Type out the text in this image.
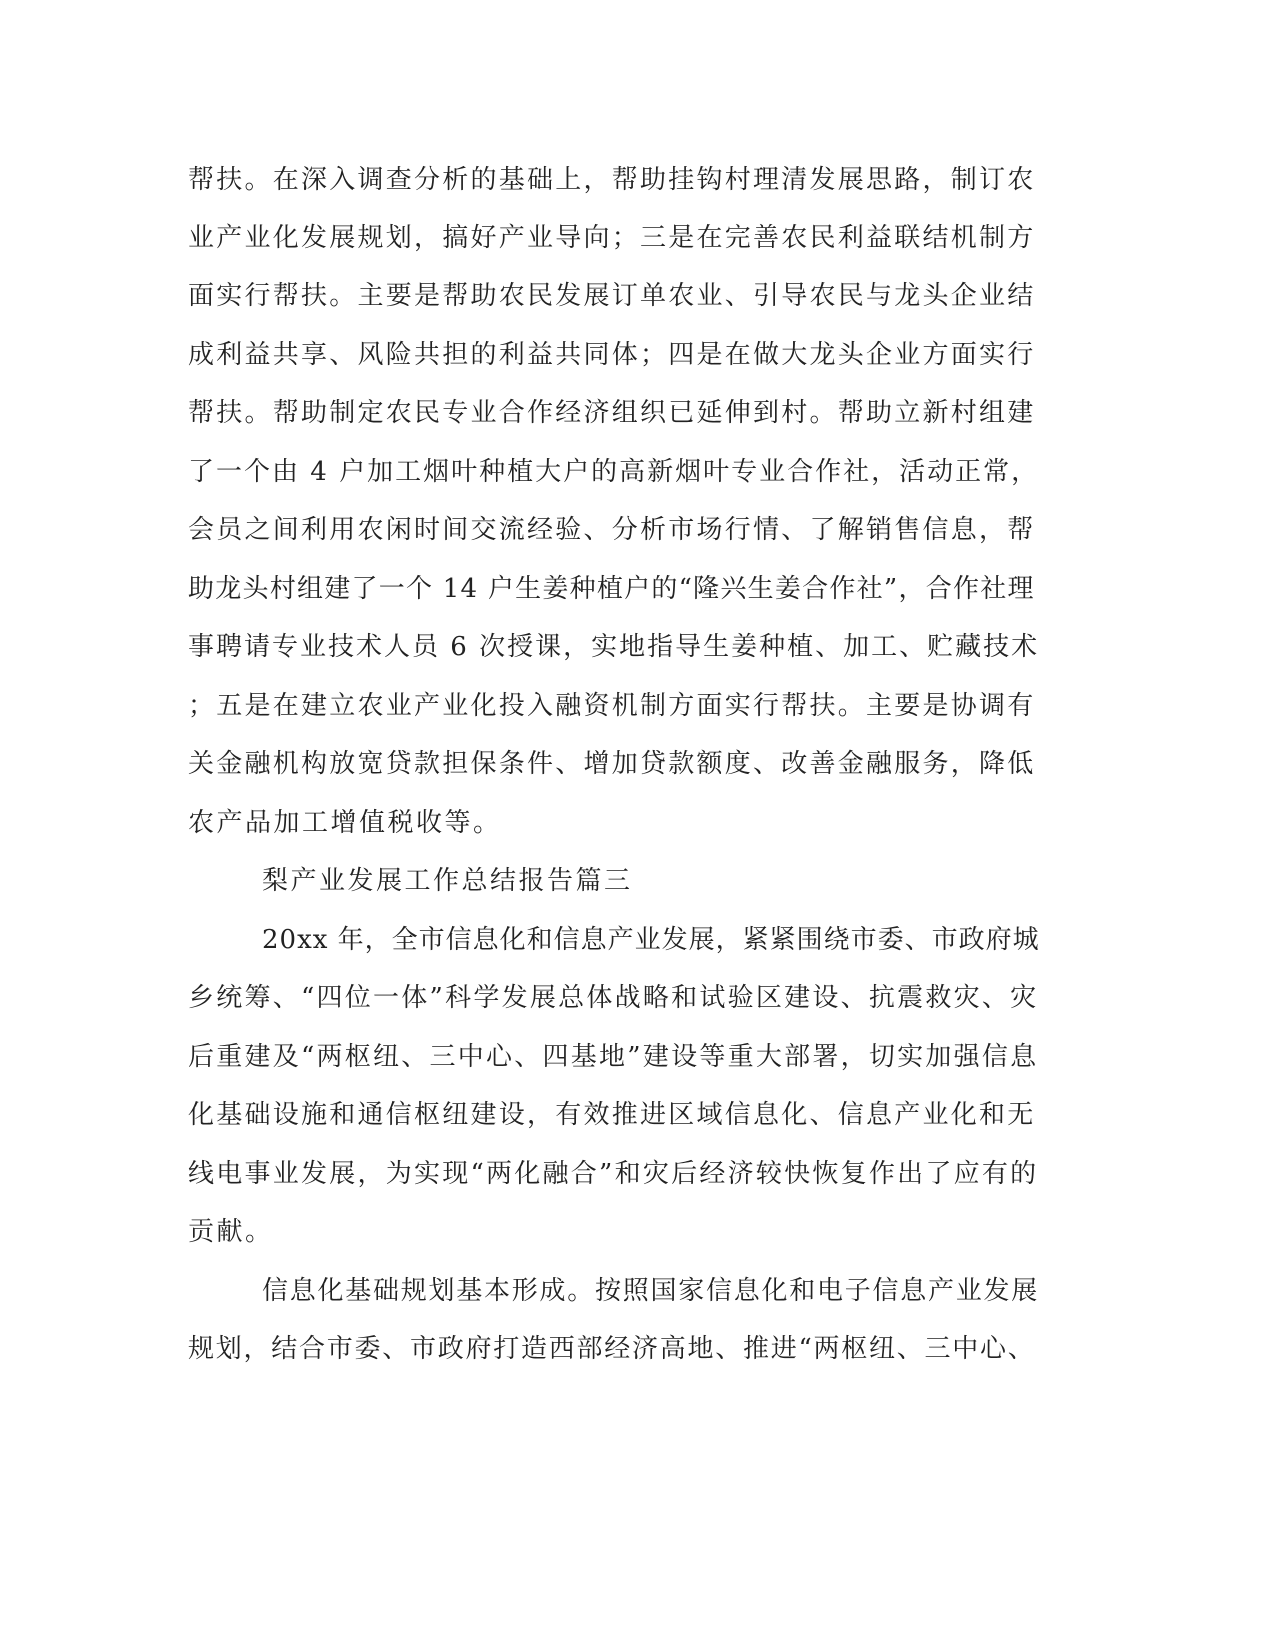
帮扶。在深入调查分析的基础上，帮助挂钩村理清发展思路，制订农
业产业化发展规划，搞好产业导向；三是在完善农民利益联结机制方
面实行帮扶。主要是帮助农民发展订单农业、引导农民与龙头企业结
成利益共享、风险共担的利益共同体；四是在做大龙头企业方面实行
帮扶。帮助制定农民专业合作经济组织已延伸到村。帮助立新村组建
了一个由 4 户加工烟叶种植大户的高新烟叶专业合作社，活动正常，
会员之间利用农闲时间交流经验、分析市场行情、了解销售信息，帮
助龙头村组建了一个 14 户生姜种植户的“隆兴生姜合作社”，合作社理
事聘请专业技术人员 6 次授课，实地指导生姜种植、加工、贮藏技术
；五是在建立农业产业化投入融资机制方面实行帮扶。主要是协调有
关金融机构放宽贷款担保条件、增加贷款额度、改善金融服务，降低
农产品加工增值税收等。
梨产业发展工作总结报告篇三
20xx 年，全市信息化和信息产业发展，紧紧围绕市委、市政府城
乡统筹、“四位一体”科学发展总体战略和试验区建设、抗震救灾、灾
后重建及“两枢纽、三中心、四基地”建设等重大部署，切实加强信息
化基础设施和通信枢纽建设，有效推进区域信息化、信息产业化和无
线电事业发展，为实现“两化融合”和灾后经济较快恢复作出了应有的
贡献。
信息化基础规划基本形成。按照国家信息化和电子信息产业发展
规划，结合市委、市政府打造西部经济高地、推进“两枢纽、三中心、
